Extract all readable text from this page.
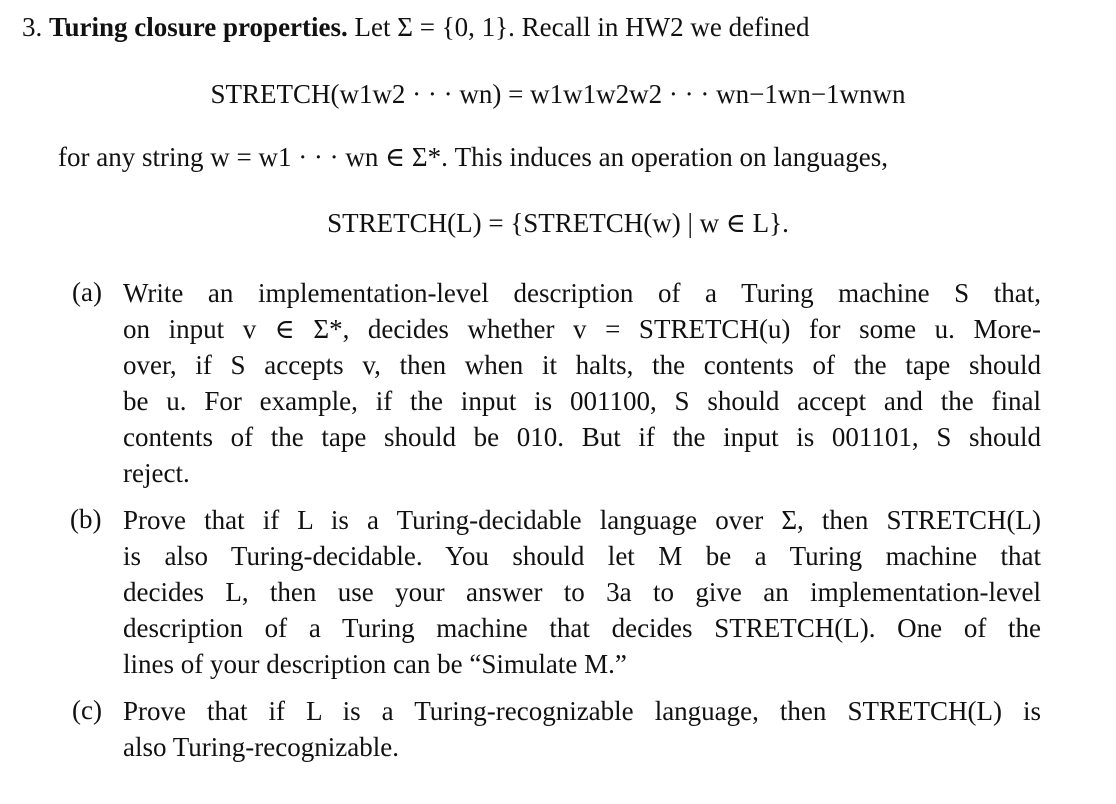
3. Turing closure properties. Let Σ = {0, 1}. Recall in HW2 we defined
STRETCH(w1w2 · · · wn) = w1w1w2w2 · · · wn−1wn−1wnwn
for any string w = w1 · · · wn ∈ Σ*. This induces an operation on languages,
STRETCH(L) = {STRETCH(w) | w ∈ L}.
(a) Write an implementation-level description of a Turing machine S that,
on input v ∈ Σ*, decides whether v = STRETCH(u) for some u. More-
over, if S accepts v, then when it halts, the contents of the tape should
be u. For example, if the input is 001100, S should accept and the final
contents of the tape should be 010. But if the input is 001101, S should
reject.
(b) Prove that if L is a Turing-decidable language over Σ, then STRETCH(L)
is also Turing-decidable. You should let M be a Turing machine that
decides L, then use your answer to 3a to give an implementation-level
description of a Turing machine that decides STRETCH(L). One of the
lines of your description can be “Simulate M.”
(c) Prove that if L is a Turing-recognizable language, then STRETCH(L) is
also Turing-recognizable.
